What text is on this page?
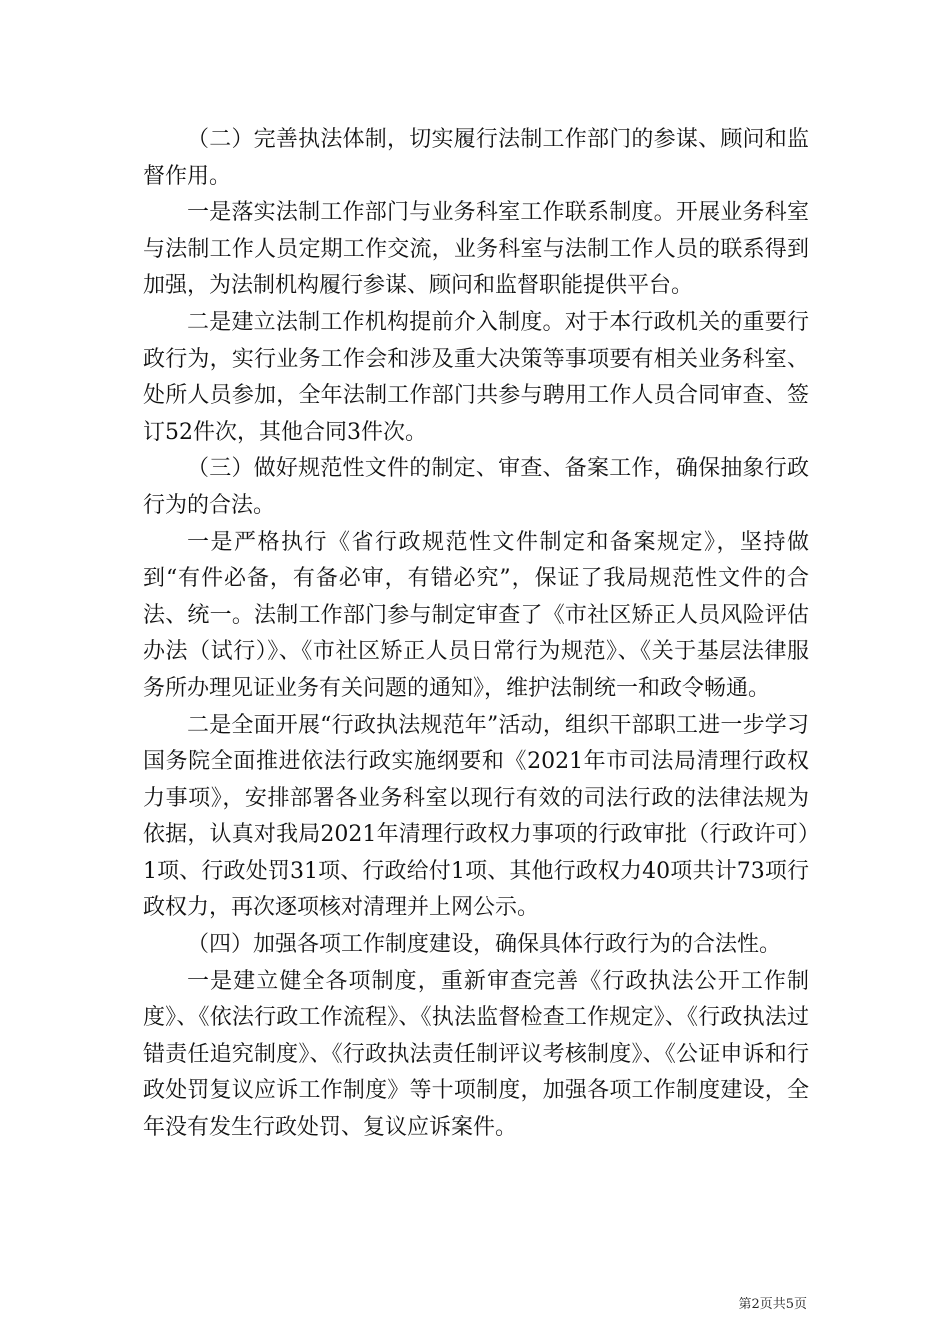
（二）完善执法体制，切实履行法制工作部门的参谋、顾问和监督作用。

一是落实法制工作部门与业务科室工作联系制度。开展业务科室与法制工作人员定期工作交流，业务科室与法制工作人员的联系得到加强，为法制机构履行参谋、顾问和监督职能提供平台。

二是建立法制工作机构提前介入制度。对于本行政机关的重要行政行为，实行业务工作会和涉及重大决策等事项要有相关业务科室、处所人员参加，全年法制工作部门共参与聘用工作人员合同审查、签订52件次，其他合同3件次。

（三）做好规范性文件的制定、审查、备案工作，确保抽象行政行为的合法。

一是严格执行《省行政规范性文件制定和备案规定》，坚持做到“有件必备，有备必审，有错必究”，保证了我局规范性文件的合法、统一。法制工作部门参与制定审查了《市社区矫正人员风险评估办法（试行）》、《市社区矫正人员日常行为规范》、《关于基层法律服务所办理见证业务有关问题的通知》，维护法制统一和政令畅通。

二是全面开展“行政执法规范年”活动，组织干部职工进一步学习国务院全面推进依法行政实施纲要和《2021年市司法局清理行政权力事项》，安排部署各业务科室以现行有效的司法行政的法律法规为依据，认真对我局2021年清理行政权力事项的行政审批（行政许可）1项、行政处罚31项、行政给付1项、其他行政权力40项共计73项行政权力，再次逐项核对清理并上网公示。

（四）加强各项工作制度建设，确保具体行政行为的合法性。

一是建立健全各项制度，重新审查完善《行政执法公开工作制度》、《依法行政工作流程》、《执法监督检查工作规定》、《行政执法过错责任追究制度》、《行政执法责任制评议考核制度》、《公证申诉和行政处罚复议应诉工作制度》等十项制度，加强各项工作制度建设，全年没有发生行政处罚、复议应诉案件。

第2页共5页
